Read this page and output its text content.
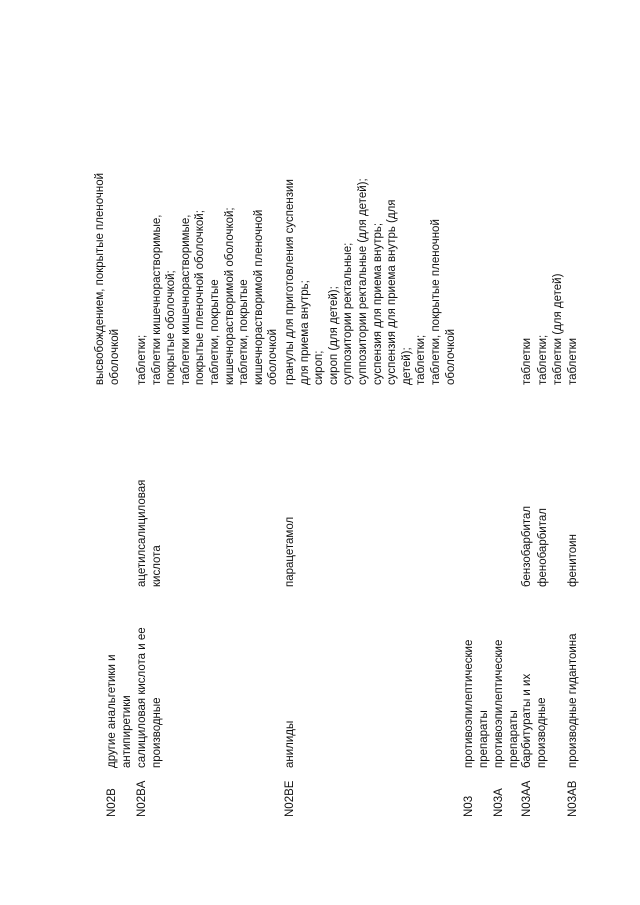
высвобождением, покрытые пленочной оболочкой
N02B
другие анальгетики и антипиретики
N02BA
салициловая кислота и ее производные
ацетилсалициловая кислота
таблетки; таблетки кишечнорастворимые, покрытые оболочкой; таблетки кишечнорастворимые, покрытые пленочной оболочкой; таблетки, покрытые кишечнорастворимой оболочкой; таблетки, покрытые кишечнорастворимой пленочной оболочкой
N02BE
анилиды
парацетамол
гранулы для приготовления суспензии для приема внутрь; сироп; сироп (для детей); суппозитории ректальные; суппозитории ректальные (для детей); суспензия для приема внутрь; суспензия для приема внутрь (для детей); таблетки; таблетки, покрытые пленочной оболочкой
N03
противоэпилептические препараты
N03A
противоэпилептические препараты
N03AA
барбитураты и их производные
бензобарбитал
таблетки
фенобарбитал
таблетки; таблетки (для детей)
N03AB
производные гидантоина
фенитоин
таблетки
